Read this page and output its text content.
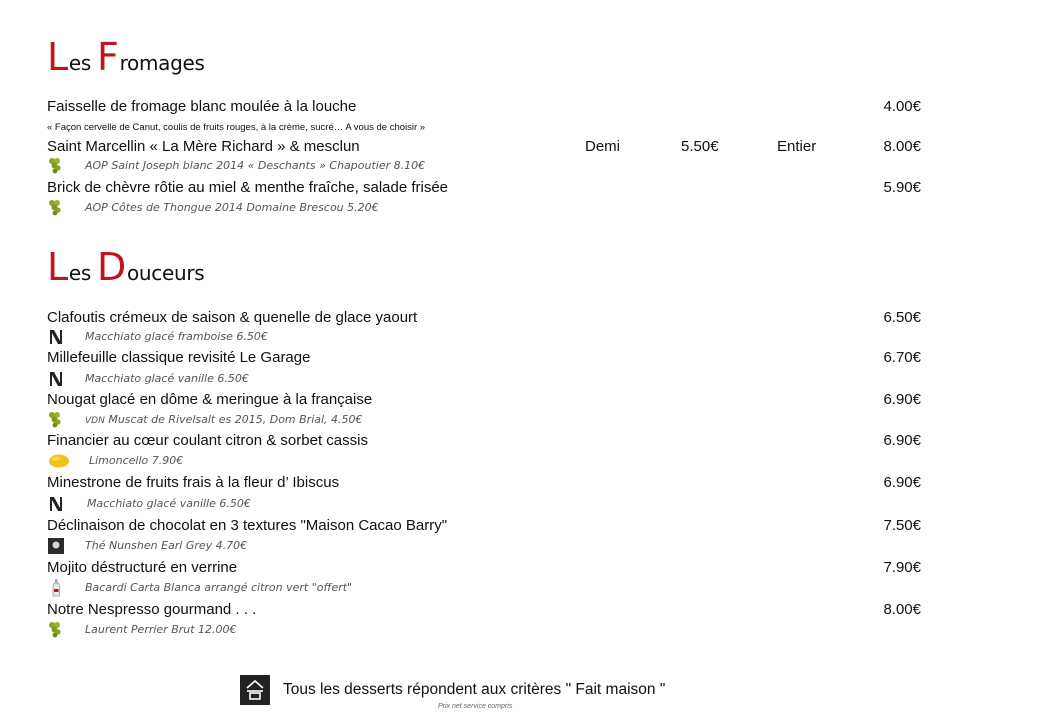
Les Fromages
Faisselle de fromage blanc moulée à la louche	4.00€
« Façon cervelle de Canut, coulis de fruits rouges, à la crème, sucré… A vous de choisir »
Saint Marcellin « La Mère Richard » & mesclun	Demi	5.50€	Entier	8.00€
AOP Saint Joseph blanc 2014 « Deschants » Chapoutier 8.10€
Brick de chèvre rôtie au miel & menthe fraîche, salade frisée	5.90€
AOP Côtes de Thongue 2014 Domaine Brescou 5.20€
Les Douceurs
Clafoutis crémeux de saison & quenelle de glace yaourt	6.50€
Macchiato glacé framboise 6.50€
Millefeuille classique revisité Le Garage	6.70€
Macchiato glacé vanille 6.50€
Nougat glacé en dôme & meringue à la française	6.90€
VDN Muscat de Rivelsalt es 2015, Dom Brial, 4.50€
Financier au cœur coulant citron & sorbet cassis	6.90€
Limoncello 7.90€
Minestrone de fruits frais à la fleur d’ Ibiscus	6.90€
Macchiato glacé vanille 6.50€
Déclinaison de chocolat en 3 textures "Maison Cacao Barry"	7.50€
Thé Nunshen Earl Grey 4.70€
Mojito déstructuré en verrine	7.90€
Bacardi Carta Blanca arrangé citron vert "offert"
Notre Nespresso gourmand . . .	8.00€
Laurent Perrier Brut 12.00€
Tous les desserts répondent aux critères " Fait maison "
Prix net service compris
